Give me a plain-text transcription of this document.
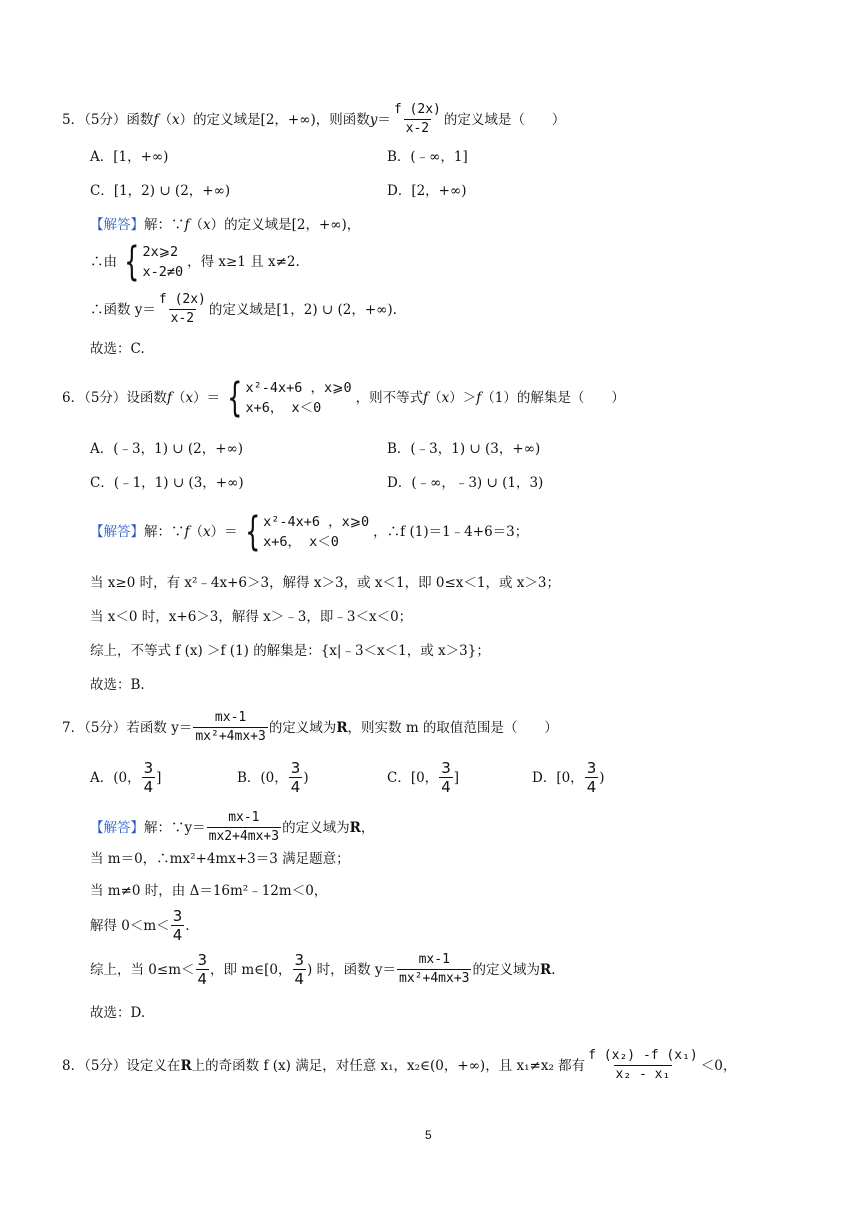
5．（5分）函数 f （x） 的定义域是[2，+∞)，则函数 $y = \frac{f (2x)}{x-2}$ 的定义域是（　　）
A．[1，+∞)	B．(﹣∞，1]
C．[1，2) ∪ (2，+∞)	D．[2，+∞)
【解答】 解：∵ f（x） 的定义域是[2，+∞)，
∴由 { 2x⩾2
x-2≠0
，得 x≥1 且 x≠2.
∴函数 $y= \frac{f (2x)}{x-2}$ 的定义域是[1，2) ∪ (2，+∞).
故选：C.
6．（5分）设函数 f（x）＝ { x²-4x+6 ，x⩾0
x+6， x＜0
，则不等式 f（x）＞f（1） 的解集是（　　）
A．(﹣3，1) ∪ (2，+∞)	B．(﹣3，1) ∪ (3，+∞)
C．(﹣1，1) ∪ (3，+∞)	D．(﹣∞，﹣3) ∪ (1，3)
【解答】 解：∵ f（x）＝ { x²-4x+6 ，x⩾0
x+6， x＜0
，∴f (1)＝1﹣4+6＝3；
当 x≥0 时，有 x²﹣4x+6＞3，解得 x＞3，或 x＜1，即 0≤x＜1，或 x＞3；
当 x＜0 时，x+6＞3，解得 x＞﹣3，即﹣3＜x＜0；
综上，不等式 f (x) ＞f (1) 的解集是：{x|﹣3＜x＜1，或 x＞3}；
故选：B.
7．（5分）若函数 $y= \frac{mx-1}{\text{mx²+4mx+3}}$ 的定义域为 R ，则实数 m 的取值范围是（　　）
A．(0， $\frac{3}{4}$ ]	B．(0， $\frac{3}{4}$ )	C．[0， $\frac{3}{4}$ ]	D．[0， $\frac{3}{4}$ )
【解答】 解：∵y＝ $\frac{mx-1}{mx2+4mx+3}$ 的定义域为 R ，
当 m＝0，∴mx²+4mx+3＝3 满足题意；
当 m≠0 时，由 Δ＝16m²﹣12m＜0，
解得 $0<m< \frac{3}{4}$ .
综上，当 $0\le m< \frac{3}{4}$ ，即 m∈[0， $\frac{3}{4}$ ) 时，函数 $y= \frac{mx-1}{\text{mx²+4mx+3}}$ 的定义域为 R .
故选：D.
8．（5分）设定义在 R 上的奇函数 f (x) 满足，对任意 x₁，x₂∈(0，+∞)，且 x₁≠x₂ 都有 $\frac{\text{f (x₂) -f (x₁)}}{\text{x₂ - x₁}} <0$，
5
